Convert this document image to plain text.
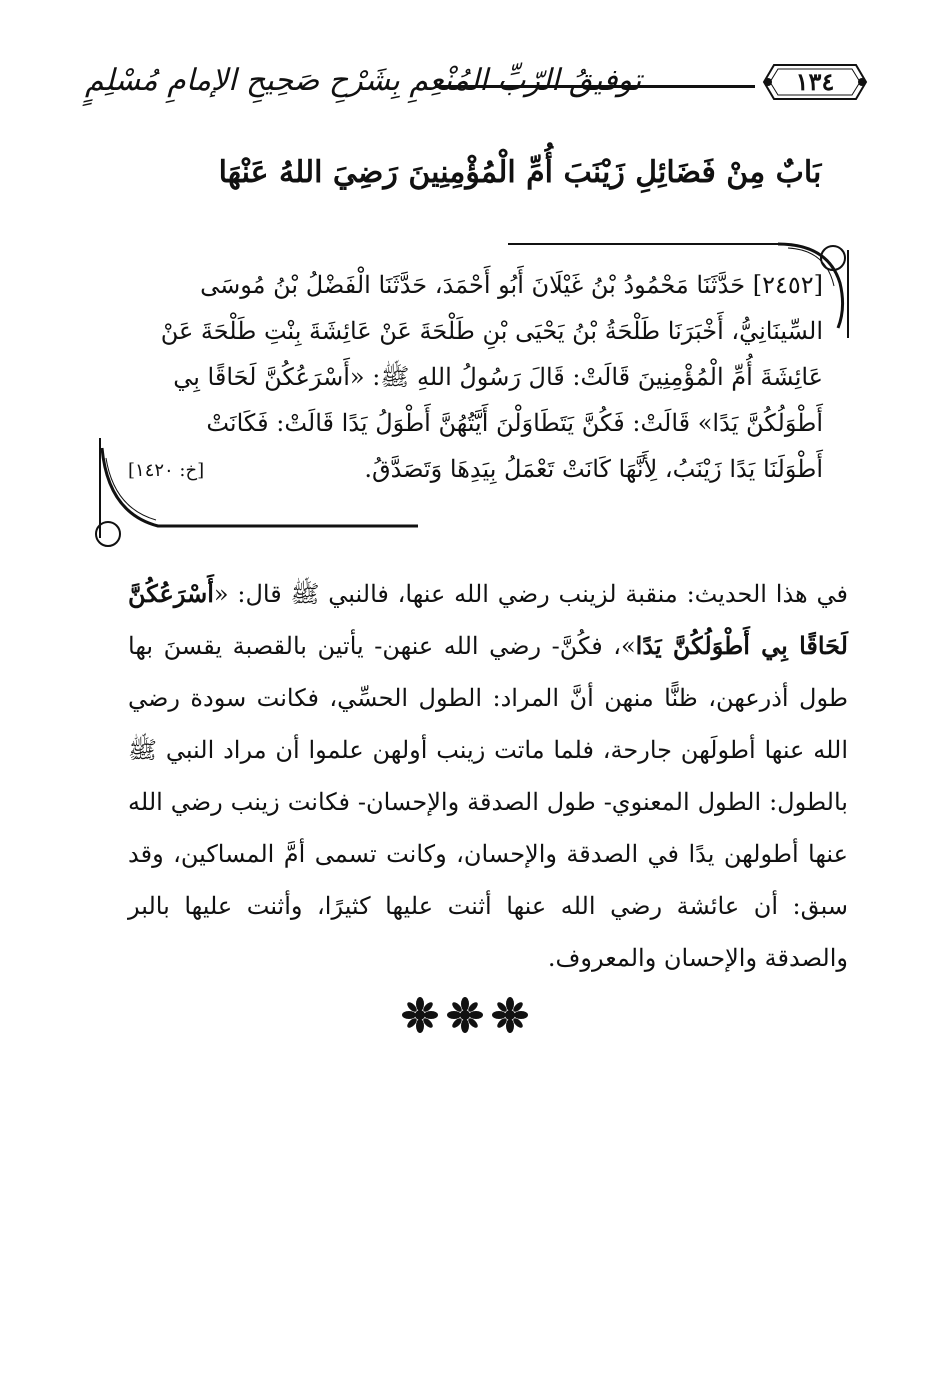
توفيقُ الرّبِّ المُنْعِمِ بِشَرْحِ صَحِيحِ الإمامِ مُسْلِمٍ	١٣٤
بَابٌ مِنْ فَضَائِلِ زَيْنَبَ أُمِّ الْمُؤْمِنِينَ رَضِيَ اللهُ عَنْهَا

[٢٤٥٢] حَدَّثَنَا مَحْمُودُ بْنُ غَيْلَانَ أَبُو أَحْمَدَ، حَدَّثَنَا الْفَضْلُ بْنُ مُوسَى

السِّينَانِيُّ، أَخْبَرَنَا طَلْحَةُ بْنُ يَحْيَى بْنِ طَلْحَةَ عَنْ عَائِشَةَ بِنْتِ طَلْحَةَ عَنْ

عَائِشَةَ أُمِّ الْمُؤْمِنِينَ قَالَتْ: قَالَ رَسُولُ اللهِ ﷺ: «أَسْرَعُكُنَّ لَحَاقًا بِي

أَطْوَلُكُنَّ يَدًا» قَالَتْ: فَكُنَّ يَتَطَاوَلْنَ أَيَّتُهُنَّ أَطْوَلُ يَدًا قَالَتْ: فَكَانَتْ

أَطْوَلَنَا يَدًا زَيْنَبُ، لِأَنَّهَا كَانَتْ تَعْمَلُ بِيَدِهَا وَتَصَدَّقُ.
[خ: ١٤٢٠]

في هذا الحديث: منقبة لزينب رضي الله عنها، فالنبي ﷺ قال: «أَسْرَعُكُنَّ لَحَاقًا بِي أَطْوَلُكُنَّ يَدًا»، فكُنَّ- رضي الله عنهن- يأتين بالقصبة يقسنَ بها طول أذرعهن، ظنًّا منهن أنَّ المراد: الطول الحسِّي، فكانت سودة رضي الله عنها أطولَهن جارحة، فلما ماتت زينب أولهن علموا أن مراد النبي ﷺ بالطول: الطول المعنوي- طول الصدقة والإحسان- فكانت زينب رضي الله عنها أطولهن يدًا في الصدقة والإحسان، وكانت تسمى أمَّ المساكين، وقد سبق: أن عائشة رضي الله عنها أثنت عليها كثيرًا، وأثنت عليها بالبر والصدقة والإحسان والمعروف.
